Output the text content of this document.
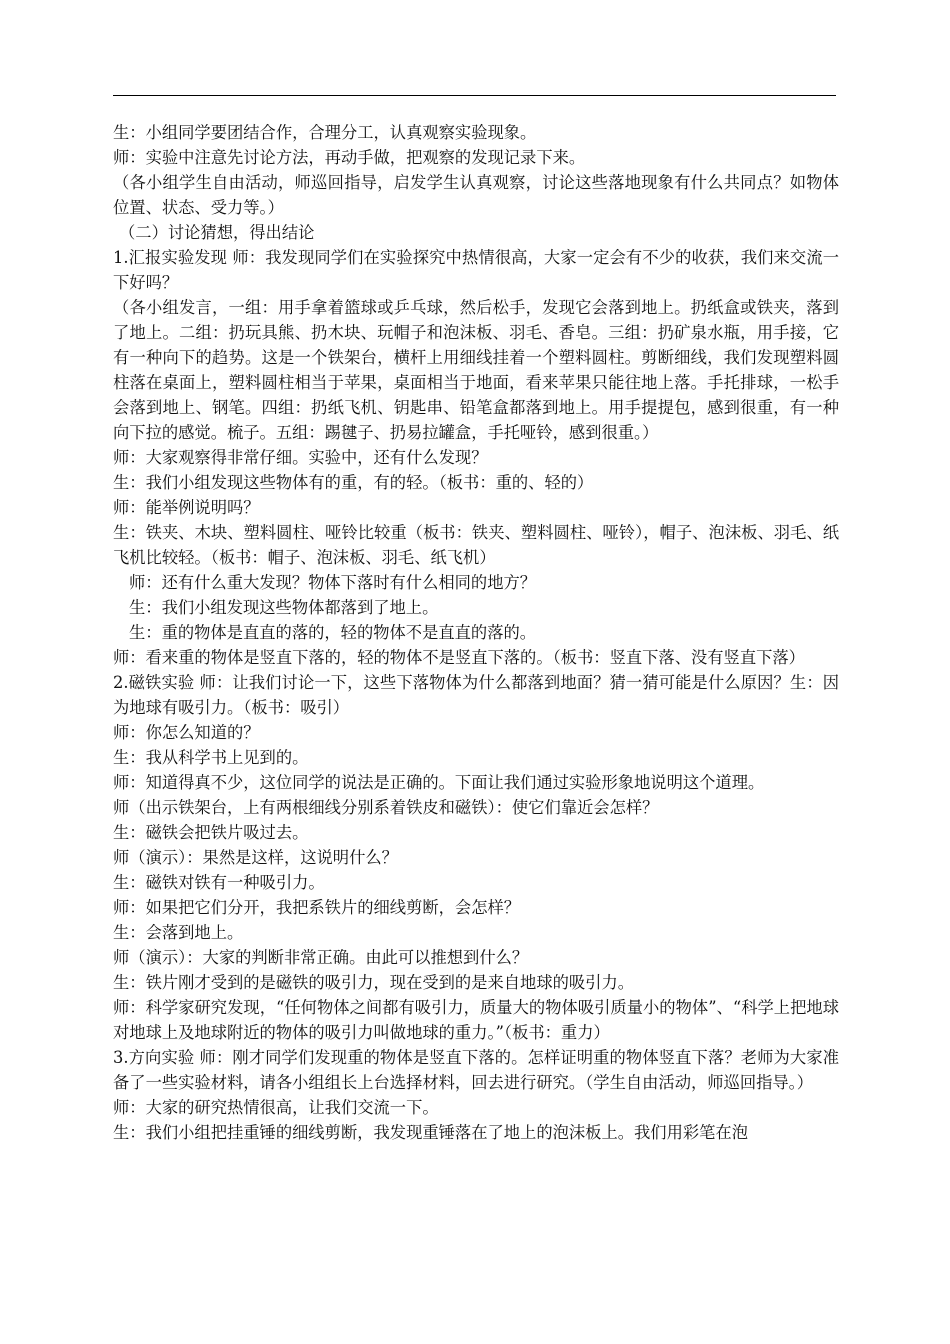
生：小组同学要团结合作，合理分工，认真观察实验现象。

师：实验中注意先讨论方法，再动手做，把观察的发现记录下来。

（各小组学生自由活动，师巡回指导，启发学生认真观察，讨论这些落地现象有什么共同点？如物体位置、状态、受力等。）

（二）讨论猜想，得出结论

1.汇报实验发现 师：我发现同学们在实验探究中热情很高，大家一定会有不少的收获，我们来交流一下好吗？

（各小组发言，一组：用手拿着篮球或乒乓球，然后松手，发现它会落到地上。扔纸盒或铁夹，落到了地上。二组：扔玩具熊、扔木块、玩帽子和泡沫板、羽毛、香皂。三组：扔矿泉水瓶，用手接，它有一种向下的趋势。这是一个铁架台，横杆上用细线挂着一个塑料圆柱。剪断细线，我们发现塑料圆柱落在桌面上，塑料圆柱相当于苹果，桌面相当于地面，看来苹果只能往地上落。手托排球，一松手会落到地上、钢笔。四组：扔纸飞机、钥匙串、铅笔盒都落到地上。用手提提包，感到很重，有一种向下拉的感觉。梳子。五组：踢毽子、扔易拉罐盒，手托哑铃，感到很重。）

师：大家观察得非常仔细。实验中，还有什么发现？

生：我们小组发现这些物体有的重，有的轻。（板书：重的、轻的）

师：能举例说明吗？

生：铁夹、木块、塑料圆柱、哑铃比较重（板书：铁夹、塑料圆柱、哑铃），帽子、泡沫板、羽毛、纸飞机比较轻。（板书：帽子、泡沫板、羽毛、纸飞机）

师：还有什么重大发现？物体下落时有什么相同的地方？

生：我们小组发现这些物体都落到了地上。

生：重的物体是直直的落的，轻的物体不是直直的落的。

师：看来重的物体是竖直下落的，轻的物体不是竖直下落的。（板书：竖直下落、没有竖直下落）

2.磁铁实验 师：让我们讨论一下，这些下落物体为什么都落到地面？猜一猜可能是什么原因？生：因为地球有吸引力。（板书：吸引）

师：你怎么知道的？

生：我从科学书上见到的。

师：知道得真不少，这位同学的说法是正确的。下面让我们通过实验形象地说明这个道理。

师（出示铁架台，上有两根细线分别系着铁皮和磁铁）：使它们靠近会怎样？

生：磁铁会把铁片吸过去。

师（演示）：果然是这样，这说明什么？

生：磁铁对铁有一种吸引力。

师：如果把它们分开，我把系铁片的细线剪断，会怎样？

生：会落到地上。

师（演示）：大家的判断非常正确。由此可以推想到什么？

生：铁片刚才受到的是磁铁的吸引力，现在受到的是来自地球的吸引力。

师：科学家研究发现，“任何物体之间都有吸引力，质量大的物体吸引质量小的物体”、“科学上把地球对地球上及地球附近的物体的吸引力叫做地球的重力。”（板书：重力）

3.方向实验 师：刚才同学们发现重的物体是竖直下落的。怎样证明重的物体竖直下落？老师为大家准备了一些实验材料，请各小组组长上台选择材料，回去进行研究。（学生自由活动，师巡回指导。）

师：大家的研究热情很高，让我们交流一下。

生：我们小组把挂重锤的细线剪断，我发现重锤落在了地上的泡沫板上。我们用彩笔在泡
